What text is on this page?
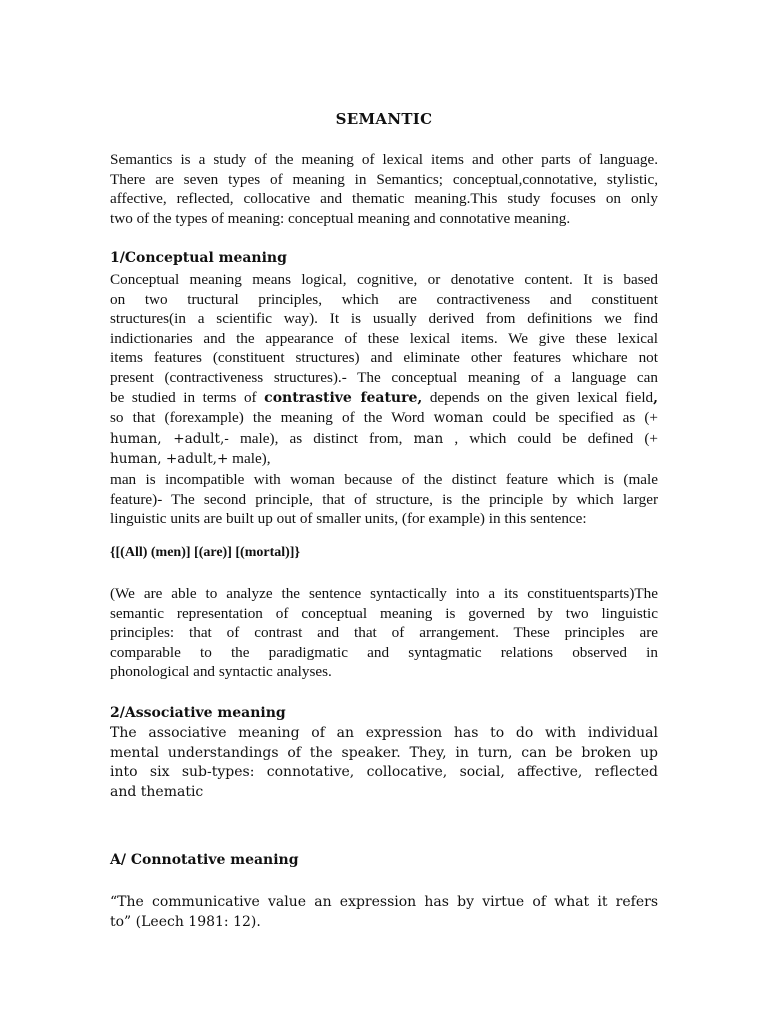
SEMANTIC
Semantics is a study of the meaning of lexical items and other parts of language.
There are seven types of meaning in Semantics; conceptual,connotative, stylistic,
affective, reflected, collocative and thematic meaning.This study focuses on only
two of the types of meaning: conceptual meaning and connotative meaning.
1/Conceptual meaning
Conceptual meaning means logical, cognitive, or denotative content. It is based
on two tructural principles, which are contractiveness and constituent
structures(in a scientific way). It is usually derived from definitions we find
indictionaries and the appearance of these lexical items. We give these lexical
items features (constituent structures) and eliminate other features whichare not
present (contractiveness structures).- The conceptual meaning of a language can
be studied in terms of contrastive feature, depends on the given lexical field,
so that (forexample) the meaning of the Word woman could be specified as (+
human, +adult,- male), as distinct from, man , which could be defined (+
human, +adult,+ male),
man is incompatible with woman because of the distinct feature which is (male
feature)- The second principle, that of structure, is the principle by which larger
linguistic units are built up out of smaller units, (for example) in this sentence:
{[(All) (men)] [(are)] [(mortal)]}
(We are able to analyze the sentence syntactically into a its constituentsparts)The
semantic representation of conceptual meaning is governed by two linguistic
principles: that of contrast and that of arrangement. These principles are
comparable to the paradigmatic and syntagmatic relations observed in
phonological and syntactic analyses.
2/Associative meaning
The associative meaning of an expression has to do with individual
mental understandings of the speaker. They, in turn, can be broken up
into six sub-types: connotative, collocative, social, affective, reflected
and thematic
A/ Connotative meaning
“The communicative value an expression has by virtue of what it refers
to” (Leech 1981: 12).
